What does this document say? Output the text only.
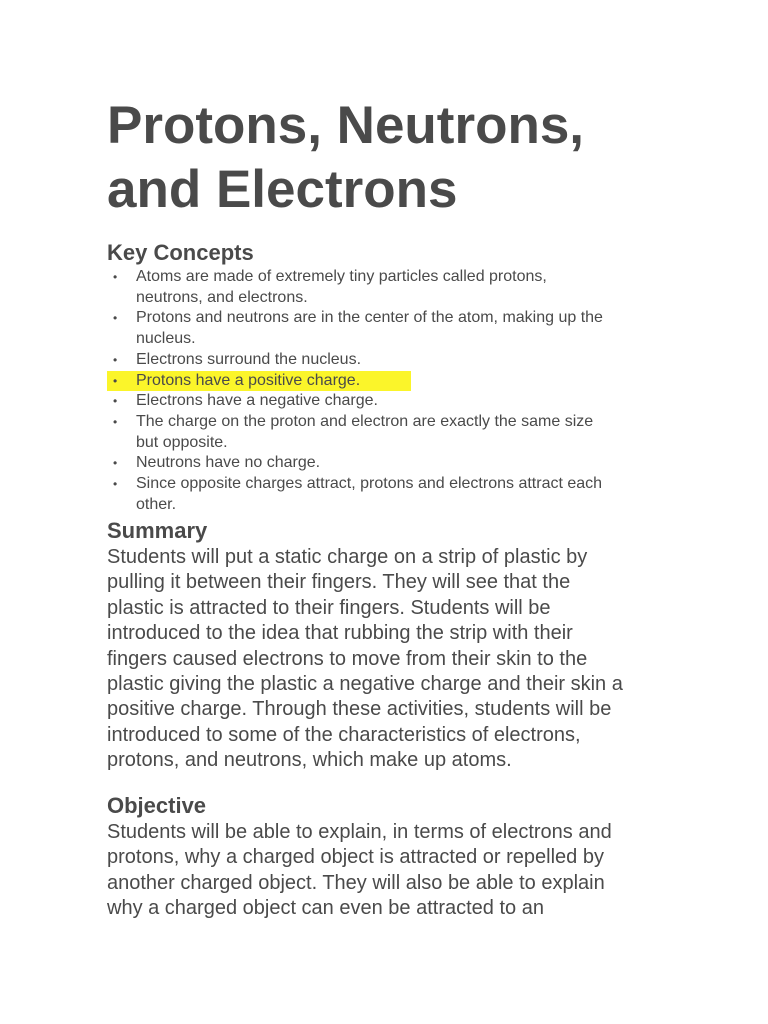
Protons, Neutrons,
and Electrons
Key Concepts
• Atoms are made of extremely tiny particles called protons,
neutrons, and electrons.
• Protons and neutrons are in the center of the atom, making up the
nucleus.
• Electrons surround the nucleus.
• Protons have a positive charge.
• Electrons have a negative charge.
• The charge on the proton and electron are exactly the same size
but opposite.
• Neutrons have no charge.
• Since opposite charges attract, protons and electrons attract each
other.
Summary

Students will put a static charge on a strip of plastic by
pulling it between their fingers. They will see that the
plastic is attracted to their fingers. Students will be
introduced to the idea that rubbing the strip with their
fingers caused electrons to move from their skin to the
plastic giving the plastic a negative charge and their skin a
positive charge. Through these activities, students will be
introduced to some of the characteristics of electrons,
protons, and neutrons, which make up atoms.

Objective

Students will be able to explain, in terms of electrons and
protons, why a charged object is attracted or repelled by
another charged object. They will also be able to explain
why a charged object can even be attracted to an
